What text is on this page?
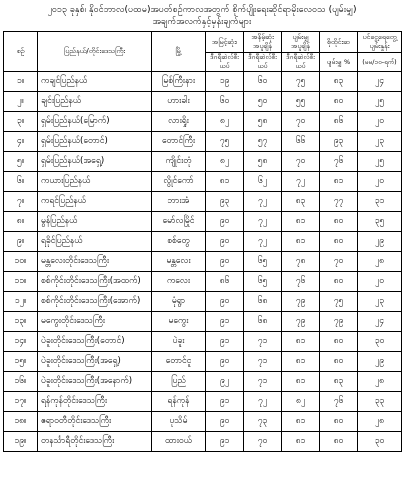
၂၀၁၃ ခုနှစ်၊ နိုဝင်ဘာလ(ပထမ)အပတ်စဉ်ကာလအတွက် စိုက်ပျိုးရေးဆိုင်ရာမိုးလေဝသ (ပျမ်းမျှ)

အချက်အလက်နှင့်မှန်းချက်များ

စဉ်	ပြည်နယ်/တိုင်းဒေသကြီး	မြို့	အမြင့်ဆုံး၊	အနိမ့်ဆုံး အပူချိန်	ပျမ်းမျှ အပူချိန်	စိုထိုင်းဆ	ပင်ငွေ့ရေတွေ့ ပျမ်းနှုန်း
			ဒီဂရီဆဲလ်စီးယပ်	ဒီဂရီဆဲလ်စီးယပ်	ဒီဂရီဆဲလ်စီးယပ်	ပျမ်းမျှ %	(မမ/၁၀-ရက်)
၁။	ကချင်ပြည်နယ်	မြစ်ကြီးနား	၁၉	၆၀	၇၅	၈၃	၂၄
၂။	ချင်းပြည်နယ်	ဟားခါး	၆၀	၅၀	၅၅	၈၀	၂၅
၃။	ရှမ်းပြည်နယ်(မြောက်)	လားရှိုး	၈၂	၅၈	၇၀	၈၆	၂၀
၄။	ရှမ်းပြည်နယ်(တောင်)	တောင်ကြီး	၇၅	၅၇	၆၆	၉၃	၂၃
၅။	ရှမ်းပြည်နယ်(အရှေ့)	ကျိုင်းတုံ	၈၂	၅၈	၇၀	၇၆	၂၅
၆။	ကယားပြည်နယ်	လွိုင်ကော်	၈၁	၆၂	၇၂	၈၁	၂၀
၇။	ကရင်ပြည်နယ်	ဘားအံ	၉၃	၇၂	၈၃	၇၇	၃၁
၈။	မွန်ပြည်နယ်	မော်လမြိုင်	၉၀	၇၂	၈၁	၈၀	၃၅
၉။	ရခိုင်ပြည်နယ်	စစ်တွေ	၉၀	၇၂	၈၁	၈၀	၂၉
၁၀။	မန္တလေးတိုင်းဒေသကြီး	မန္တလေး	၉၀	၆၅	၇၈	၇၀	၂၈
၁၁။	စစ်ကိုင်းတိုင်းဒေသကြီး(အထက်)	ကလေး	၈၆	၆၅	၇၆	၈၀	၂၀
၁၂။	စစ်ကိုင်းတိုင်းဒေသကြီး(အောက်)	မုံရွာ	၉၀	၆၈	၇၉	၇၅	၂၃
၁၃။	မကွေးတိုင်းဒေသကြီး	မကွေး	၉၁	၆၈	၇၉	၇၉	၂၄
၁၄။	ပဲခူးတိုင်းဒေသကြီး(တောင်)	ပဲခူး	၉၁	၇၁	၈၁	၈၀	၃၀
၁၅။	ပဲခူးတိုင်းဒေသကြီး(အရှေ့)	တောင်ငူ	၉၀	၇၁	၈၁	၈၀	၂၉
၁၆။	ပဲခူးတိုင်းဒေသကြီး(အနောက်)	ပြည်	၉၂	၇၁	၈၁	၈၃	၂၈
၁၇။	ရန်ကုန်တိုင်းဒေသကြီး	ရန်ကုန်	၉၁	၇၂	၈၂	၇၆	၃၃
၁၈။	ဧရာဝတီတိုင်းဒေသကြီး	ပုသိမ်	၉၀	၇၃	၈၁	၈၀	၂၈
၁၉။	တနင်္သာရီတိုင်းဒေသကြီး	ထားဝယ်	၉၁	၇၀	၈၁	၈၀	၃၀
